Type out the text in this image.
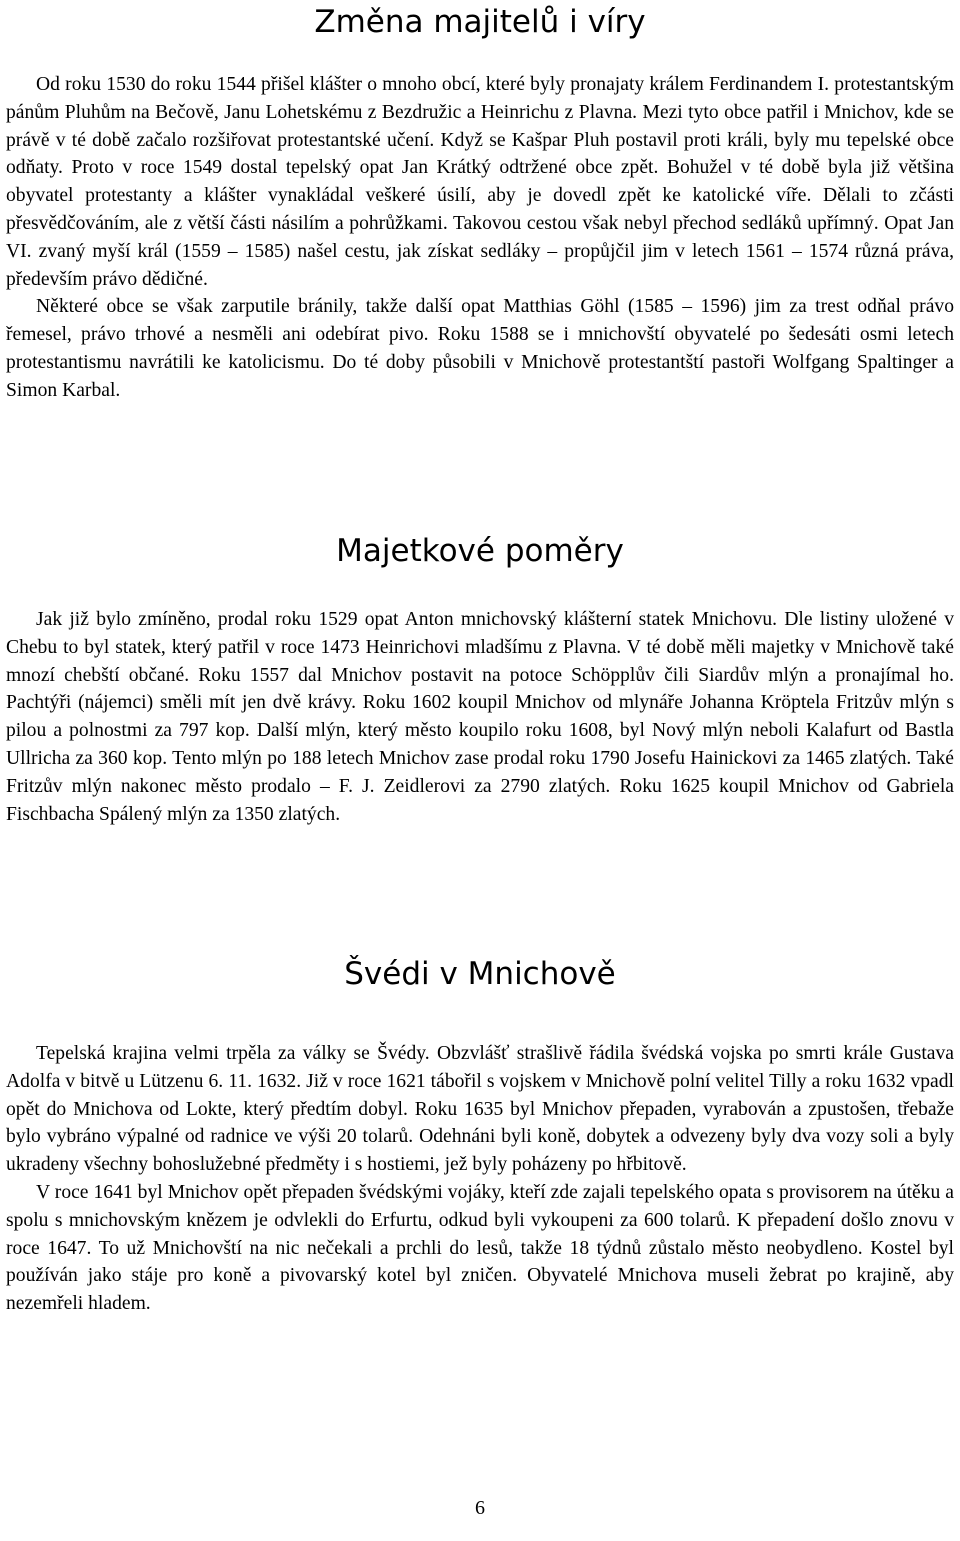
Změna majitelů i víry

Od roku 1530 do roku 1544 přišel klášter o mnoho obcí, které byly pronajaty králem Ferdinandem I. protestantským pánům Pluhům na Bečově, Janu Lohetskému z Bezdružic a Heinrichu z Plavna. Mezi tyto obce patřil i Mnichov, kde se právě v té době začalo rozšiřovat protestantské učení. Když se Kašpar Pluh postavil proti králi, byly mu tepelské obce odňaty. Proto v roce 1549 dostal tepelský opat Jan Krátký odtržené obce zpět. Bohužel v té době byla již většina obyvatel protestanty a klášter vynakládal veškeré úsilí, aby je dovedl zpět ke katolické víře. Dělali to zčásti přesvědčováním, ale z větší části násilím a pohrůžkami. Takovou cestou však nebyl přechod sedláků upřímný. Opat Jan VI. zvaný myší král (1559 – 1585) našel cestu, jak získat sedláky – propůjčil jim v letech 1561 – 1574 různá práva, především právo dědičné.

Některé obce se však zarputile bránily, takže další opat Matthias Göhl (1585 – 1596) jim za trest odňal právo řemesel, právo trhové a nesměli ani odebírat pivo. Roku 1588 se i mnichovští obyvatelé po šedesáti osmi letech protestantismu navrátili ke katolicismu. Do té doby působili v Mnichově protestantští pastoři Wolfgang Spaltinger a Simon Karbal.

Majetkové poměry

Jak již bylo zmíněno, prodal roku 1529 opat Anton mnichovský klášterní statek Mnichovu. Dle listiny uložené v Chebu to byl statek, který patřil v roce 1473 Heinrichovi mladšímu z Plavna. V té době měli majetky v Mnichově také mnozí chebští občané. Roku 1557 dal Mnichov postavit na potoce Schöpplův čili Siardův mlýn a pronajímal ho. Pachtýři (nájemci) směli mít jen dvě krávy. Roku 1602 koupil Mnichov od mlynáře Johanna Kröptela Fritzův mlýn s pilou a polnostmi za 797 kop. Další mlýn, který město koupilo roku 1608, byl Nový mlýn neboli Kalafurt od Bastla Ullricha za 360 kop. Tento mlýn po 188 letech Mnichov zase prodal roku 1790 Josefu Hainickovi za 1465 zlatých. Také Fritzův mlýn nakonec město prodalo – F. J. Zeidlerovi za 2790 zlatých. Roku 1625 koupil Mnichov od Gabriela Fischbacha Spálený mlýn za 1350 zlatých.

Švédi v Mnichově

Tepelská krajina velmi trpěla za války se Švédy. Obzvlášť strašlivě řádila švédská vojska po smrti krále Gustava Adolfa v bitvě u Lützenu 6. 11. 1632. Již v roce 1621 tábořil s vojskem v Mnichově polní velitel Tilly a roku 1632 vpadl opět do Mnichova od Lokte, který předtím dobyl. Roku 1635 byl Mnichov přepaden, vyrabován a zpustošen, třebaže bylo vybráno výpalné od radnice ve výši 20 tolarů. Odehnáni byli koně, dobytek a odvezeny byly dva vozy soli a byly ukradeny všechny bohoslužebné předměty i s hostiemi, jež byly poházeny po hřbitově.

V roce 1641 byl Mnichov opět přepaden švédskými vojáky, kteří zde zajali tepelského opata s provisorem na útěku a spolu s mnichovským knězem je odvlekli do Erfurtu, odkud byli vykoupeni za 600 tolarů. K přepadení došlo znovu v roce 1647. To už Mnichovští na nic nečekali a prchli do lesů, takže 18 týdnů zůstalo město neobydleno. Kostel byl používán jako stáje pro koně a pivovarský kotel byl zničen. Obyvatelé Mnichova museli žebrat po krajině, aby nezemřeli hladem.

6
